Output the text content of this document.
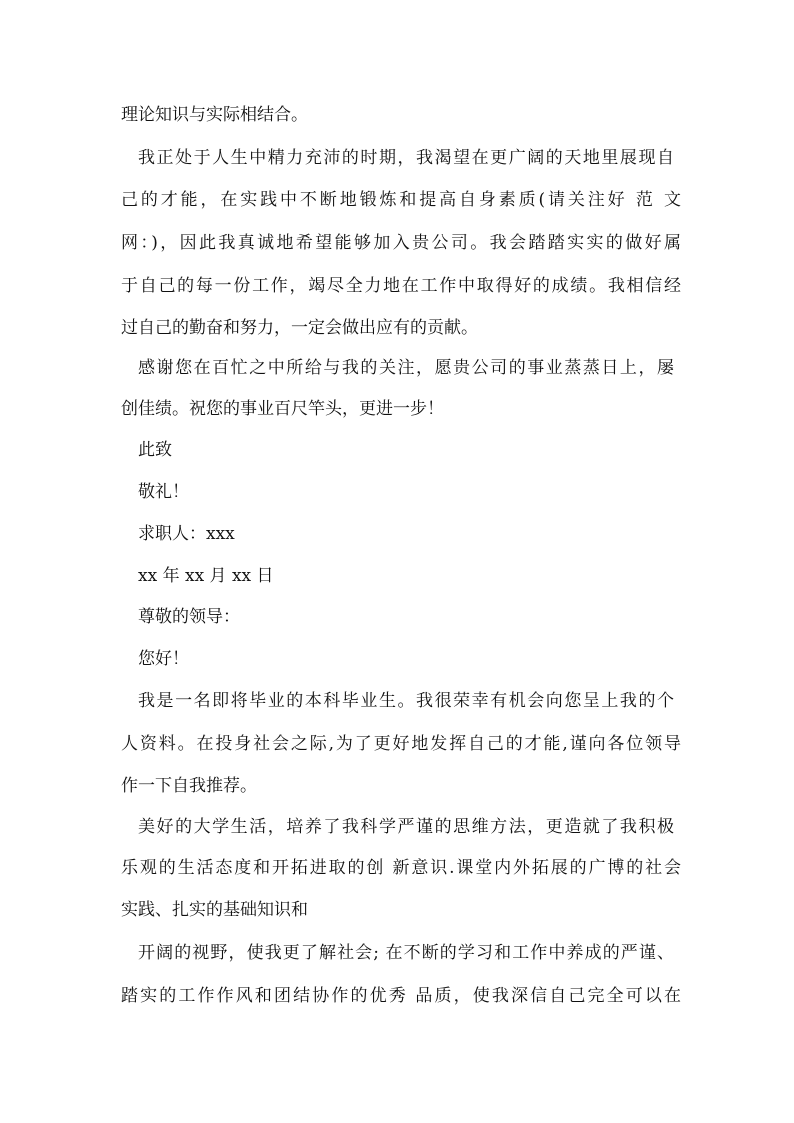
理论知识与实际相结合。
我正处于人生中精力充沛的时期，我渴望在更广阔的天地里展现自
己的才能，在实践中不断地锻炼和提高自身素质(请关注好 范 文
网：)，因此我真诚地希望能够加入贵公司。我会踏踏实实的做好属
于自己的每一份工作，竭尽全力地在工作中取得好的成绩。我相信经
过自己的勤奋和努力，一定会做出应有的贡献。
感谢您在百忙之中所给与我的关注，愿贵公司的事业蒸蒸日上，屡
创佳绩。祝您的事业百尺竿头，更进一步！
此致
敬礼！
求职人：xxx
xx 年 xx 月 xx 日
尊敬的领导：
您好！
我是一名即将毕业的本科毕业生。我很荣幸有机会向您呈上我的个
人资料。在投身社会之际,为了更好地发挥自己的才能,谨向各位领导
作一下自我推荐。
美好的大学生活，培养了我科学严谨的思维方法，更造就了我积极
乐观的生活态度和开拓进取的创 新意识.课堂内外拓展的广博的社会
实践、扎实的基础知识和
开阔的视野，使我更了解社会; 在不断的学习和工作中养成的严谨、
踏实的工作作风和团结协作的优秀 品质，使我深信自己完全可以在
